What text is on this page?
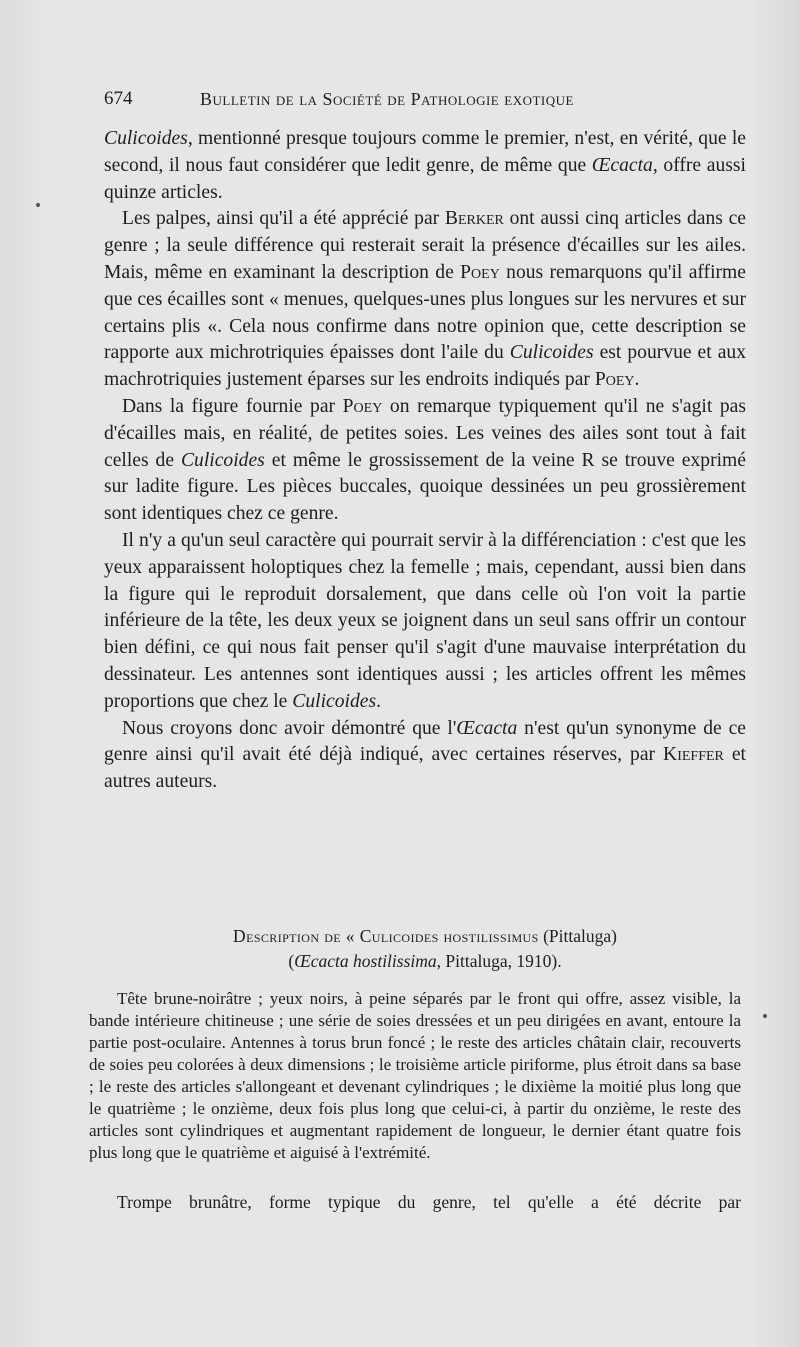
674	Bulletin de la Société de Pathologie exotique

Culicoides, mentionné presque toujours comme le premier, n'est, en vérité, que le second, il nous faut considérer que ledit genre, de même que Œcacta, offre aussi quinze articles.

Les palpes, ainsi qu'il a été apprécié par Berker ont aussi cinq articles dans ce genre ; la seule différence qui resterait serait la présence d'écailles sur les ailes. Mais, même en examinant la description de Poey nous remarquons qu'il affirme que ces écailles sont « menues, quelques-unes plus longues sur les nervures et sur certains plis «. Cela nous confirme dans notre opinion que, cette description se rapporte aux michrotriquies épaisses dont l'aile du Culicoides est pourvue et aux machrotriquies justement éparses sur les endroits indiqués par Poey.

Dans la figure fournie par Poey on remarque typiquement qu'il ne s'agit pas d'écailles mais, en réalité, de petites soies. Les veines des ailes sont tout à fait celles de Culicoides et même le grossissement de la veine R se trouve exprimé sur ladite figure. Les pièces buccales, quoique dessinées un peu grossièrement sont identiques chez ce genre.

Il n'y a qu'un seul caractère qui pourrait servir à la différenciation : c'est que les yeux apparaissent holoptiques chez la femelle ; mais, cependant, aussi bien dans la figure qui le reproduit dorsalement, que dans celle où l'on voit la partie inférieure de la tête, les deux yeux se joignent dans un seul sans offrir un contour bien défini, ce qui nous fait penser qu'il s'agit d'une mauvaise interprétation du dessinateur. Les antennes sont identiques aussi ; les articles offrent les mêmes proportions que chez le Culicoides.

Nous croyons donc avoir démontré que l'Œcacta n'est qu'un synonyme de ce genre ainsi qu'il avait été déjà indiqué, avec certaines réserves, par Kieffer et autres auteurs.

Description de « Culicoides hostilissimus (Pittaluga)
(Œcacta hostilissima, Pittaluga, 1910).

Tête brune-noirâtre ; yeux noirs, à peine séparés par le front qui offre, assez visible, la bande intérieure chitineuse ; une série de soies dressées et un peu dirigées en avant, entoure la partie post-oculaire. Antennes à torus brun foncé ; le reste des articles châtain clair, recouverts de soies peu colorées à deux dimensions ; le troisième article piriforme, plus étroit dans sa base ; le reste des articles s'allongeant et devenant cylindriques ; le dixième la moitié plus long que le quatrième ; le onzième, deux fois plus long que celui-ci, à partir du onzième, le reste des articles sont cylindriques et augmentant rapidement de longueur, le dernier étant quatre fois plus long que le quatrième et aiguisé à l'extrémité.

Trompe brunâtre, forme typique du genre, tel qu'elle a été décrite par
